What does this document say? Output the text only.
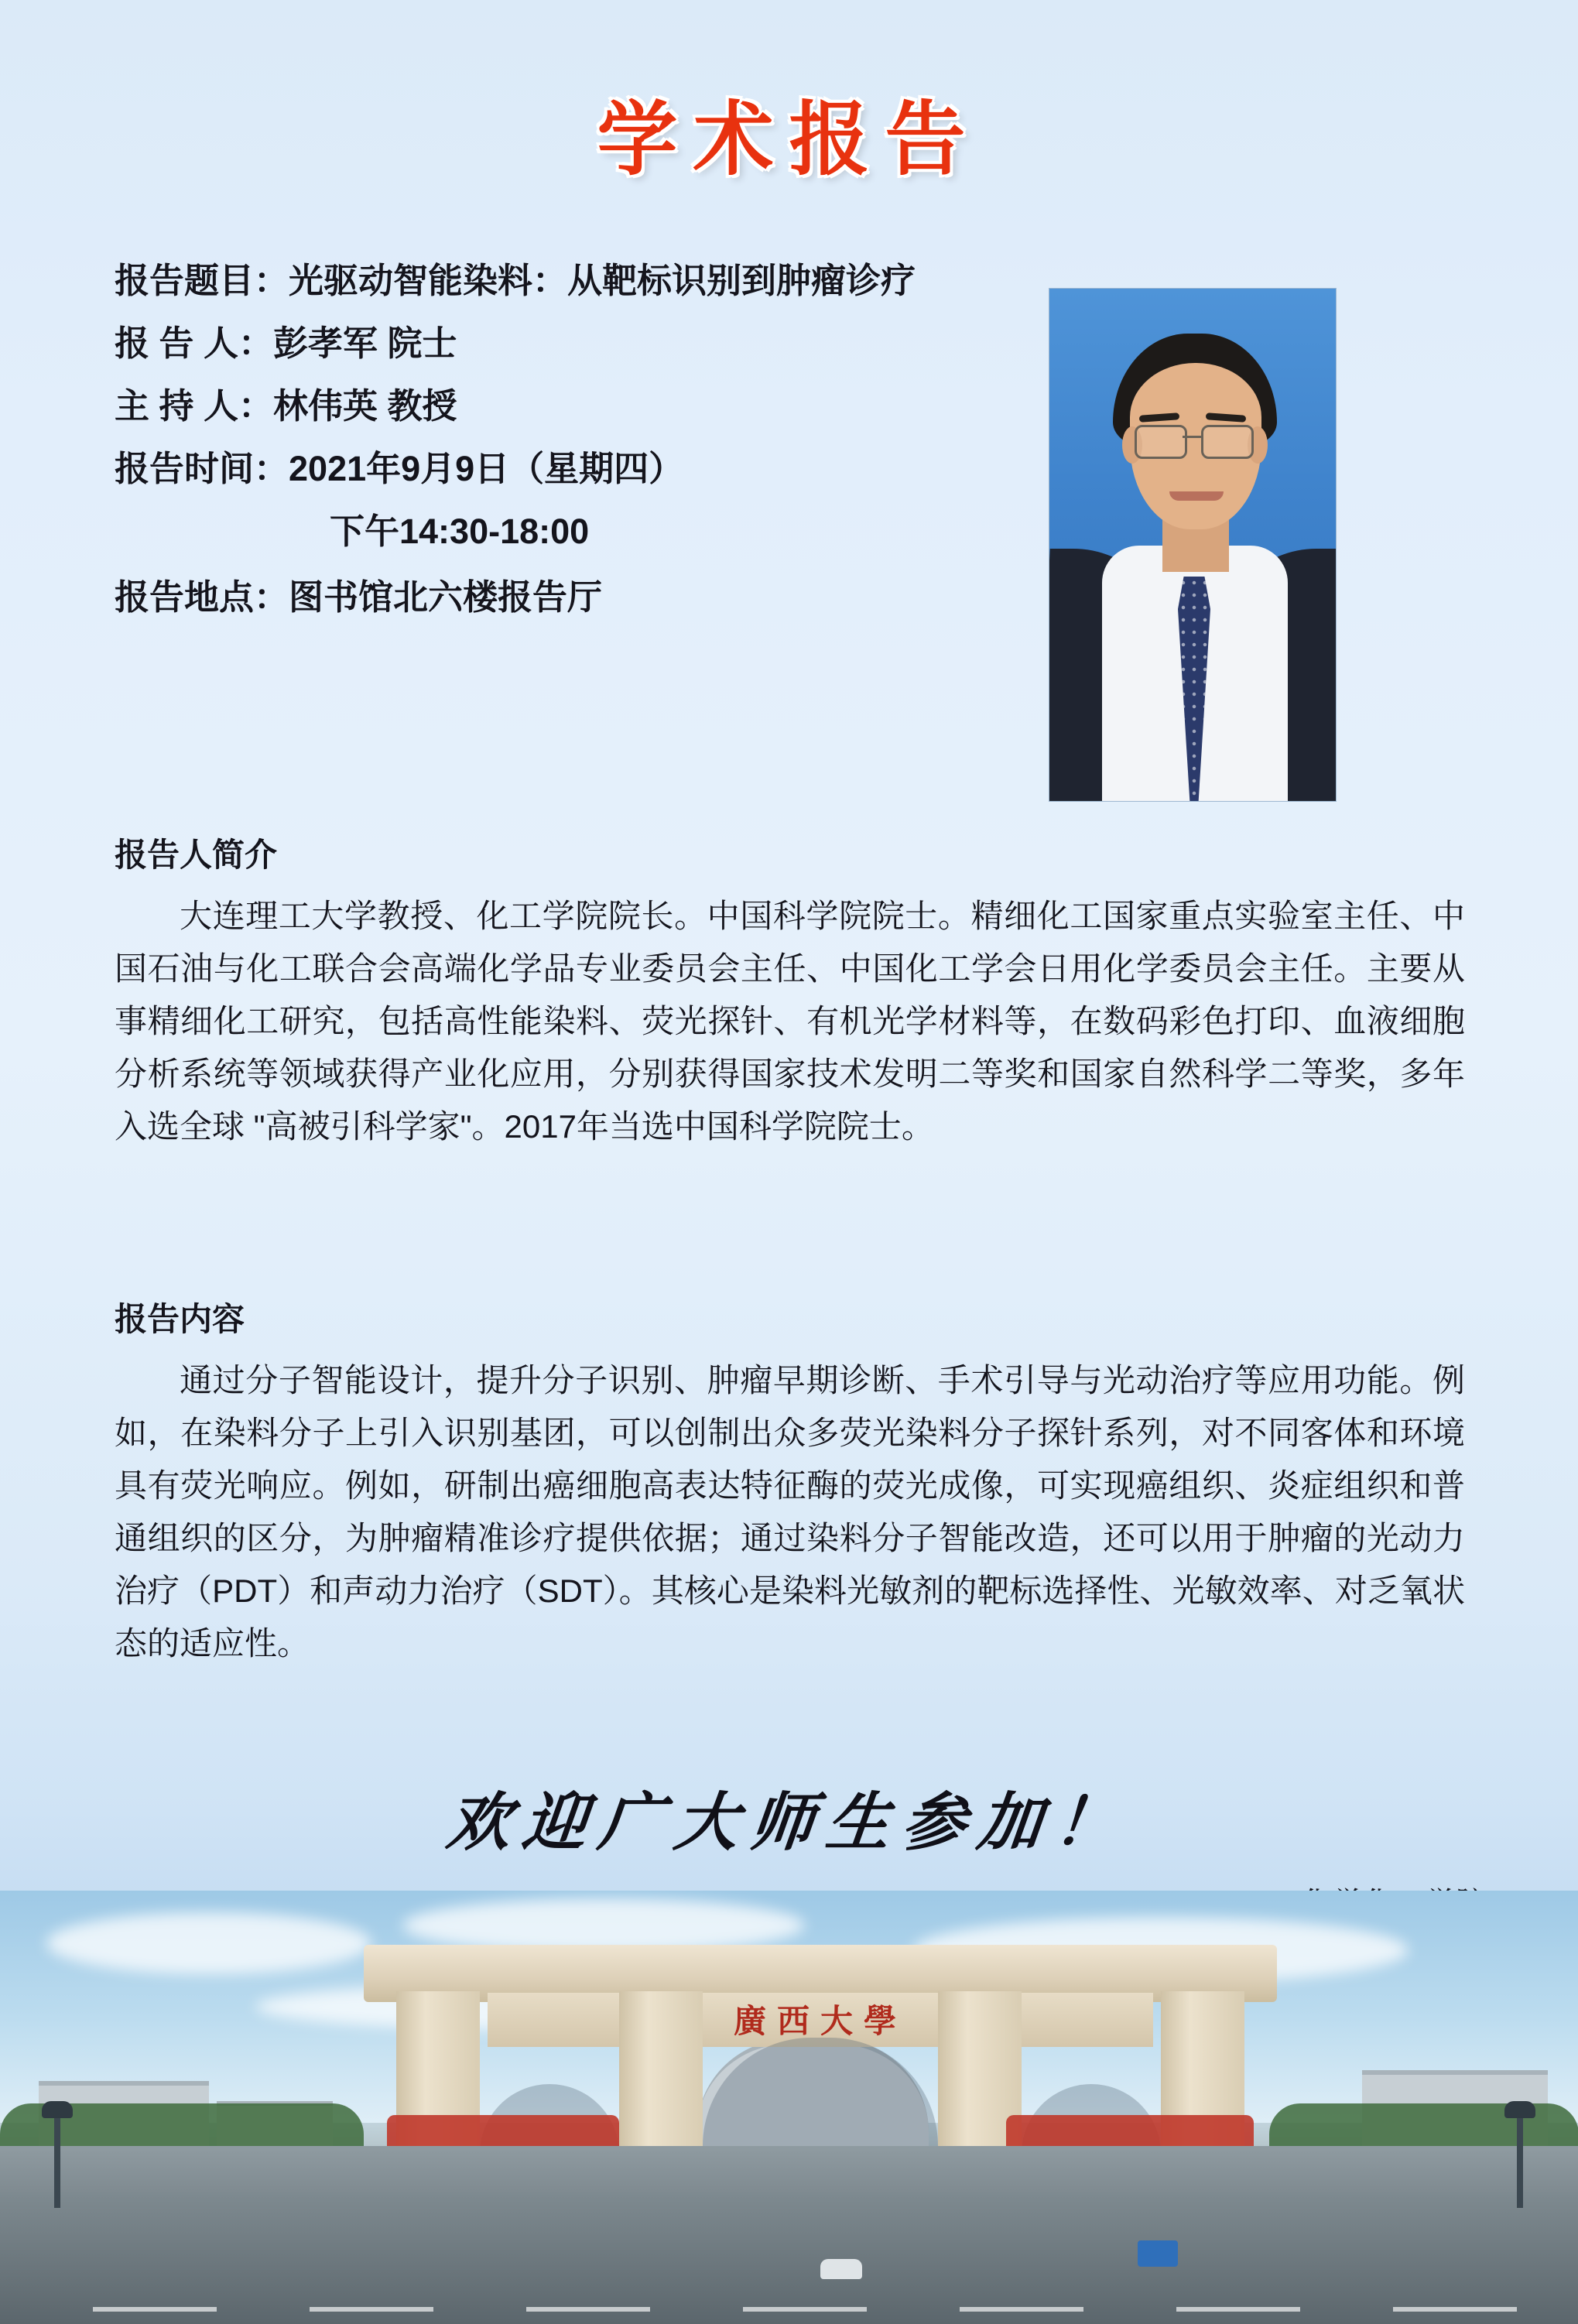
学术报告
报告题目： 光驱动智能染料：从靶标识别到肿瘤诊疗
报 告 人： 彭孝军 院士
主 持 人： 林伟英 教授
报告时间： 2021年9月9日（星期四）
下午14:30-18:00
报告地点： 图书馆北六楼报告厅
报告人简介
大连理工大学教授、化工学院院长。中国科学院院士。精细化工国家重点实验室主任、中国石油与化工联合会高端化学品专业委员会主任、中国化工学会日用化学委员会主任。主要从事精细化工研究，包括高性能染料、荧光探针、有机光学材料等，在数码彩色打印、血液细胞分析系统等领域获得产业化应用，分别获得国家技术发明二等奖和国家自然科学二等奖，多年入选全球 "高被引科学家"。2017年当选中国科学院院士。
报告内容
通过分子智能设计，提升分子识别、肿瘤早期诊断、手术引导与光动治疗等应用功能。例如，在染料分子上引入识别基团，可以创制出众多荧光染料分子探针系列，对不同客体和环境具有荧光响应。例如，研制出癌细胞高表达特征酶的荧光成像，可实现癌组织、炎症组织和普通组织的区分，为肿瘤精准诊疗提供依据；通过染料分子智能改造，还可以用于肿瘤的光动力治疗（PDT）和声动力治疗（SDT）。其核心是染料光敏剂的靶标选择性、光敏效率、对乏氧状态的适应性。
欢迎广大师生参加！
廣西大學
